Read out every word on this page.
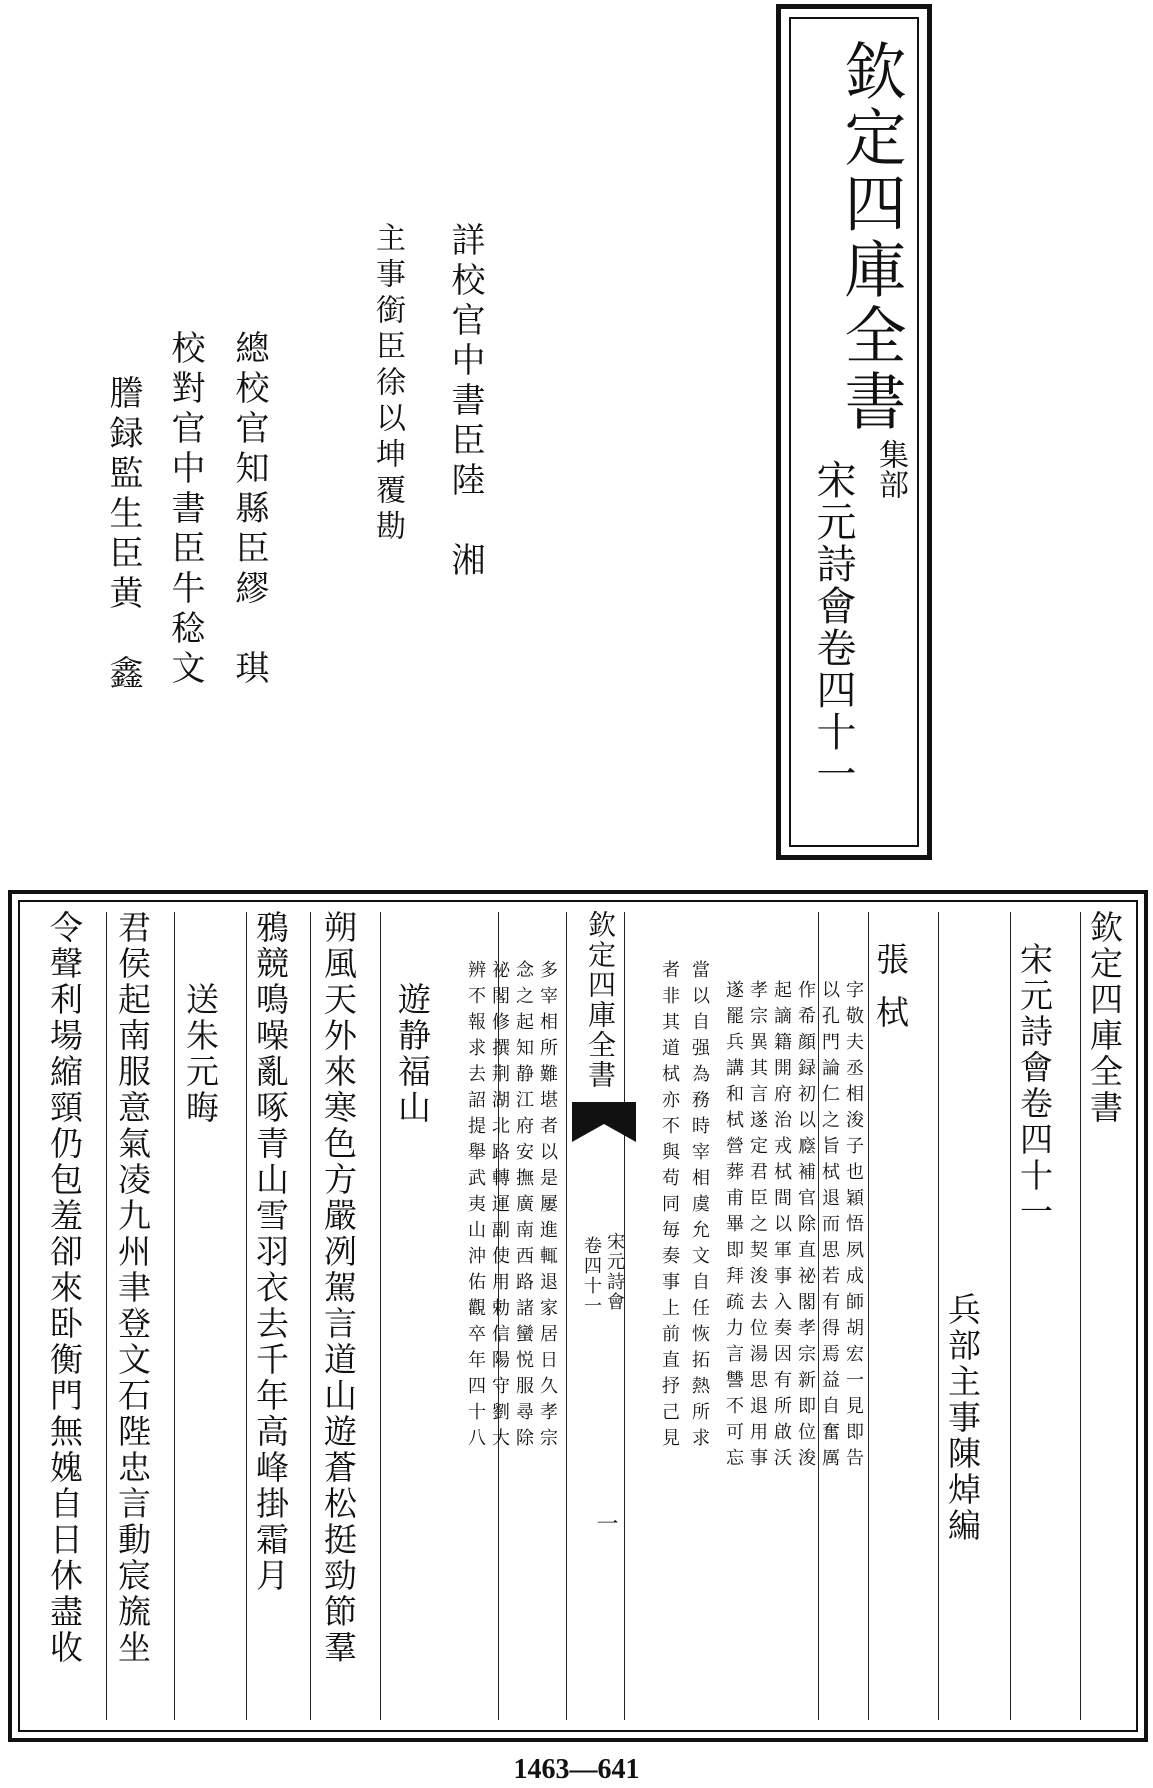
欽定四庫全書
集部
宋元詩會卷四十一
詳校官中書臣陸　湘
主事銜臣徐以坤覆勘
總校官知縣臣繆　琪
校對官中書臣牛稔文
謄録監生臣黄　鑫
欽定四庫全書
宋元詩會卷四十一
兵部主事陳焯編
張栻
字敬夫丞相浚子也穎悟夙成師胡宏一見即告
以孔門論仁之旨栻退而思若有得焉益自奮厲
作希顔録初以廕補官除直祕閣孝宗新即位浚
起謫籍開府治戎栻間以軍事入奏因有所啟沃
孝宗異其言遂定君臣之契浚去位湯思退用事
遂罷兵講和栻營葬甫畢即拜疏力言讐不可忘
當以自强為務時宰相虞允文自任恢拓熱所求
者非其道栻亦不與苟同毎奏事上前直抒己見
多宰相所難堪者以是屢進輒退家居日久孝宗
念之起知静江府安撫廣南西路諸蠻悦服尋除
祕閣修撰荆湖北路轉運副使用勅信陽守劉大
辨不報求去詔提舉武夷山沖佑觀卒年四十八	欽定四庫全書
宋元詩會
卷四十一
一
遊静福山
朔風天外來寒色方嚴冽駕言道山遊蒼松挺勁節羣
鴉競鳴噪亂啄青山雪羽衣去千年高峰掛霜月
送朱元晦
君侯起南服意氣凌九州聿登文石陛忠言動宸旒坐
令聲利場縮頸仍包羞卻來卧衡門無媿自日休盡收
1463—641
